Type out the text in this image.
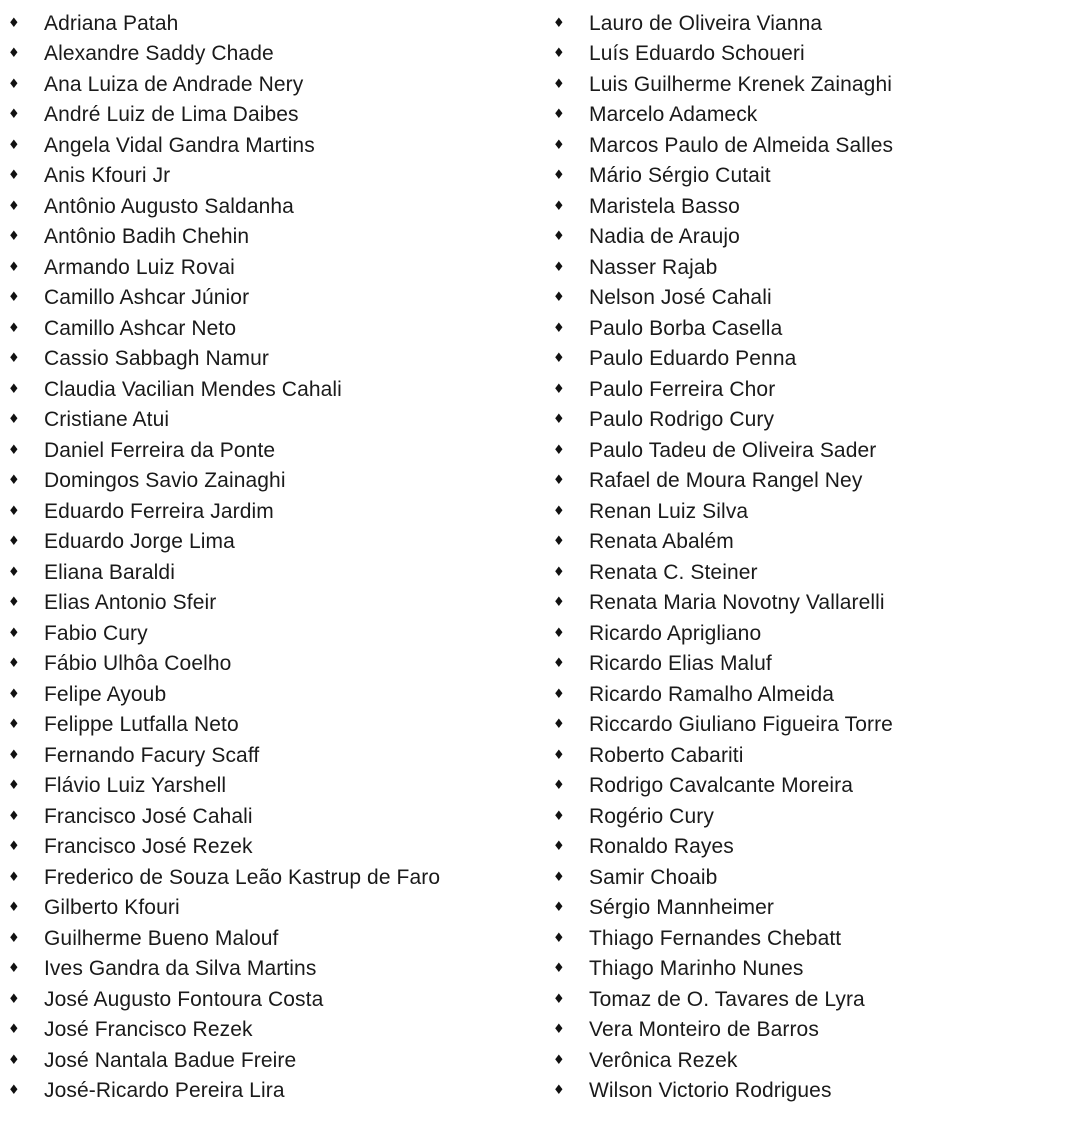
♦	Adriana Patah
♦	Alexandre Saddy Chade
♦	Ana Luiza de Andrade Nery
♦	André Luiz de Lima Daibes
♦	Angela Vidal Gandra Martins
♦	Anis Kfouri Jr
♦	Antônio Augusto Saldanha
♦	Antônio Badih Chehin
♦	Armando Luiz Rovai
♦	Camillo Ashcar Júnior
♦	Camillo Ashcar Neto
♦	Cassio Sabbagh Namur
♦	Claudia Vacilian Mendes Cahali
♦	Cristiane Atui
♦	Daniel Ferreira da Ponte
♦	Domingos Savio Zainaghi
♦	Eduardo Ferreira Jardim
♦	Eduardo Jorge Lima
♦	Eliana Baraldi
♦	Elias Antonio Sfeir
♦	Fabio Cury
♦	Fábio Ulhôa Coelho
♦	Felipe Ayoub
♦	Felippe Lutfalla Neto
♦	Fernando Facury Scaff
♦	Flávio Luiz Yarshell
♦	Francisco José Cahali
♦	Francisco José Rezek
♦	Frederico de Souza Leão Kastrup de Faro
♦	Gilberto Kfouri
♦	Guilherme Bueno Malouf
♦	Ives Gandra da Silva Martins
♦	José Augusto Fontoura Costa
♦	José Francisco Rezek
♦	José Nantala Badue Freire
♦	José-Ricardo Pereira Lira
♦	Lauro de Oliveira Vianna
♦	Luís Eduardo Schoueri
♦	Luis Guilherme Krenek Zainaghi
♦	Marcelo Adameck
♦	Marcos Paulo de Almeida Salles
♦	Mário Sérgio Cutait
♦	Maristela Basso
♦	Nadia de Araujo
♦	Nasser Rajab
♦	Nelson José Cahali
♦	Paulo Borba Casella
♦	Paulo Eduardo Penna
♦	Paulo Ferreira Chor
♦	Paulo Rodrigo Cury
♦	Paulo Tadeu de Oliveira Sader
♦	Rafael de Moura Rangel Ney
♦	Renan Luiz Silva
♦	Renata Abalém
♦	Renata C. Steiner
♦	Renata Maria Novotny Vallarelli
♦	Ricardo Aprigliano
♦	Ricardo Elias Maluf
♦	Ricardo Ramalho Almeida
♦	Riccardo Giuliano Figueira Torre
♦	Roberto Cabariti
♦	Rodrigo Cavalcante Moreira
♦	Rogério Cury
♦	Ronaldo Rayes
♦	Samir Choaib
♦	Sérgio Mannheimer
♦	Thiago Fernandes Chebatt
♦	Thiago Marinho Nunes
♦	Tomaz de O. Tavares de Lyra
♦	Vera Monteiro de Barros
♦	Verônica Rezek
♦	Wilson Victorio Rodrigues
